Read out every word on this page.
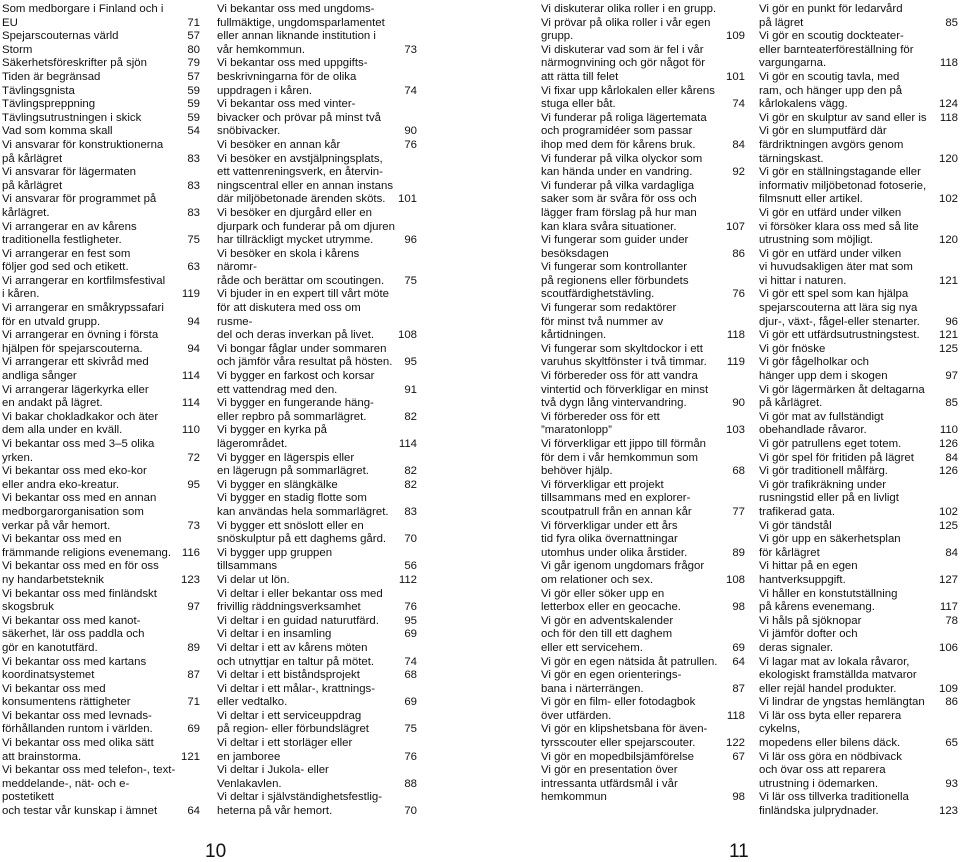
Som medborgare i Finland och i EU	71
Spejarscouternas värld	57
Storm	80
Säkerhetsföreskrifter på sjön	79
Tiden är begränsad	57
Tävlingsgnista	59
Tävlingspreppning	59
Tävlingsutrustningen i skick	59
Vad som komma skall	54
Vi ansvarar för konstruktionerna
på kårlägret	83
Vi ansvarar för lägermaten
på kårlägret	83
Vi ansvarar för programmet på
kårlägret.	83
Vi arrangerar en av kårens
traditionella festligheter.	75
Vi arrangerar en fest som
följer god sed och etikett.	63
Vi arrangerar en kortfilmsfestival
i kåren.	119
Vi arrangerar en småkrypssafari
för en utvald grupp.	94
Vi arrangerar en övning i första
hjälpen för spejarscouterna.	94
Vi arrangerar ett skivråd med
andliga sånger	114
Vi arrangerar lägerkyrka eller
en andakt på lägret.	114
Vi bakar chokladkakor och äter
dem alla under en kväll.	110
Vi bekantar oss med 3–5 olika
yrken.	72
Vi bekantar oss med eko-kor
eller andra eko-kreatur.	95
Vi bekantar oss med en annan
medborgarorganisation som
verkar på vår hemort.	73
Vi bekantar oss med en
främmande religions evenemang. 116
Vi bekantar oss med en för oss
ny handarbetsteknik	123
Vi bekantar oss med finländskt
skogsbruk	97
Vi bekantar oss med kanot-
säkerhet, lär oss paddla och
gör en kanotutfärd.	89
Vi bekantar oss med kartans
koordinatsystemet	87
Vi bekantar oss med
konsumentens rättigheter	71
Vi bekantar oss med levnads-
förhållanden runtom i världen.	69
Vi bekantar oss med olika sätt
att brainstorma.	121
Vi bekantar oss med telefon-, text-
meddelande-, nät- och e-postetikett
och testar vår kunskap i ämnet	64
Vi bekantar oss med ungdoms-
fullmäktige, ungdomsparlamentet
eller annan liknande institution i
vår hemkommun.	73
Vi bekantar oss med uppgifts-
beskrivningarna för de olika
uppdragen i kåren.	74
Vi bekantar oss med vinter-
bivacker och prövar på minst två
snöbivacker.	90
Vi besöker en annan kår	76
Vi besöker en avstjälpningsplats,
ett vattenreningsverk, en återvin-
ningscentral eller en annan instans
där miljöbetonade ärenden sköts.	101
Vi besöker en djurgård eller en
djurpark och funderar på om djuren
har tillräckligt mycket utrymme.	96
Vi besöker en skola i kårens näromr-
råde och berättar om scoutingen.	75
Vi bjuder in en expert till vårt möte
för att diskutera med oss om rusme-
del och deras inverkan på livet.	108
Vi bongar fåglar under sommaren
och jämför våra resultat på hösten.	95
Vi bygger en farkost och korsar
ett vattendrag med den.	91
Vi bygger en fungerande häng-
eller repbro på sommarlägret.	82
Vi bygger en kyrka på
lägerområdet.	114
Vi bygger en lägerspis eller
en lägerugn på sommarlägret.	82
Vi bygger en slängkälke	82
Vi bygger en stadig flotte som
kan användas hela sommarlägret.	83
Vi bygger ett snöslott eller en
snöskulptur på ett daghems gård.	70
Vi bygger upp gruppen
tillsammans	56
Vi delar ut lön.	112
Vi deltar i eller bekantar oss med
frivillig räddningsverksamhet	76
Vi deltar i en guidad naturutfärd.	95
Vi deltar i en insamling	69
Vi deltar i ett av kårens möten
och utnyttjar en taltur på mötet.	74
Vi deltar i ett biståndsprojekt	68
Vi deltar i ett målar-, krattnings-
eller vedtalko.	69
Vi deltar i ett serviceuppdrag
på region- eller förbundslägret	75
Vi deltar i ett storläger eller
en jamboree	76
Vi deltar i Jukola- eller Venlakavlen.	88
Vi deltar i självständighetsfestlig-
heterna på vår hemort.	70
Vi diskuterar olika roller i en grupp.
Vi prövar på olika roller i vår egen
grupp.	109
Vi diskuterar vad som är fel i vår
närmognvining och gör något för
att rätta till felet	101
Vi fixar upp kårlokalen eller kårens
stuga eller båt.	74
Vi funderar på roliga lägertemata
och programidéer som passar
ihop med dem för kårens bruk.	84
Vi funderar på vilka olyckor som
kan hända under en vandring.	92
Vi funderar på vilka vardagliga
saker som är svåra för oss och
lägger fram förslag på hur man
kan klara svåra situationer.	107
Vi fungerar som guider under
besöksdagen	86
Vi fungerar som kontrollanter
på regionens eller förbundets
scoutfärdighetstävling.	76
Vi fungerar som redaktörer
för minst två nummer av
kårtidningen.	118
Vi fungerar som skyltdockor i ett
varuhus skyltfönster i två timmar.	119
Vi förbereder oss för att vandra
vintertid och förverkligar en minst
två dygn lång vintervandring.	90
Vi förbereder oss för ett
”maratonlopp”	103
Vi förverkligar ett jippo till förmån
för dem i vår hemkommun som
behöver hjälp.	68
Vi förverkligar ett projekt
tillsammans med en explorer-
scoutpatrull från en annan kår	77
Vi förverkligar under ett års
tid fyra olika övernattningar
utomhus under olika årstider.	89
Vi går igenom ungdomars frågor
om relationer och sex.	108
Vi gör eller söker upp en
letterbox eller en geocache.	98
Vi gör en adventskalender
och för den till ett daghem
eller ett servicehem.	69
Vi gör en egen nätsida åt patrullen.	64
Vi gör en egen orienterings-
bana i närterrängen.	87
Vi gör en film- eller fotodagbok
över utfärden.	118
Vi gör en klipshetsbana för även-
tyrsscouter eller spejarscouter.	122
Vi gör en mopedbilsjämförelse	67
Vi gör en presentation över
intressanta utfärdsmål i vår
hemkommun	98
Vi gör en punkt för ledarvård
på lägret	85
Vi gör en scoutig dockteater-
eller barnteaterföreställning för
vargungarna.	118
Vi gör en scoutig tavla, med
ram, och hänger upp den på
kårlokalens vägg.	124
Vi gör en skulptur av sand eller is	118
Vi gör en slumputfärd där
färdriktningen avgörs genom
tärningskast.	120
Vi gör en ställningstagande eller
informativ miljöbetonad fotoserie,
filmsnutt eller artikel.	102
Vi gör en utfärd under vilken
vi försöker klara oss med så lite
utrustning som möjligt.	120
Vi gör en utfärd under vilken
vi huvudsakligen äter mat som
vi hittar i naturen.	121
Vi gör ett spel som kan hjälpa
spejarscouterna att lära sig nya
djur-, växt-, fågel-eller stenarter.	96
Vi gör ett utfärdsutrustningstest.	121
Vi gör fnöske	125
Vi gör fågelholkar och
hänger upp dem i skogen	97
Vi gör lägermärken åt deltagarna
på kårlägret.	85
Vi gör mat av fullständigt
obehandlade råvaror.	110
Vi gör patrullens eget totem.	126
Vi gör spel för fritiden på lägret	84
Vi gör traditionell målfärg.	126
Vi gör trafikräkning under
rusningstid eller på en livligt
trafikerad gata.	102
Vi gör tändstål	125
Vi gör upp en säkerhetsplan
för kårlägret	84
Vi hittar på en egen
hantverksuppgift.	127
Vi håller en konstutställning
på kårens evenemang.	117
Vi håls på sjöknopar	78
Vi jämför dofter och
deras signaler.	106
Vi lagar mat av lokala råvaror,
ekologiskt framställda matvaror
eller rejäl handel produkter.	109
Vi lindrar de yngstas hemlängtan	86
Vi lär oss byta eller reparera cykelns,
mopedens eller bilens däck.	65
Vi lär oss göra en nödbivack
och övar oss att reparera
utrustning i ödemarken.	93
Vi lär oss tillverka traditionella
finländska julprydnader.	123
10	11
